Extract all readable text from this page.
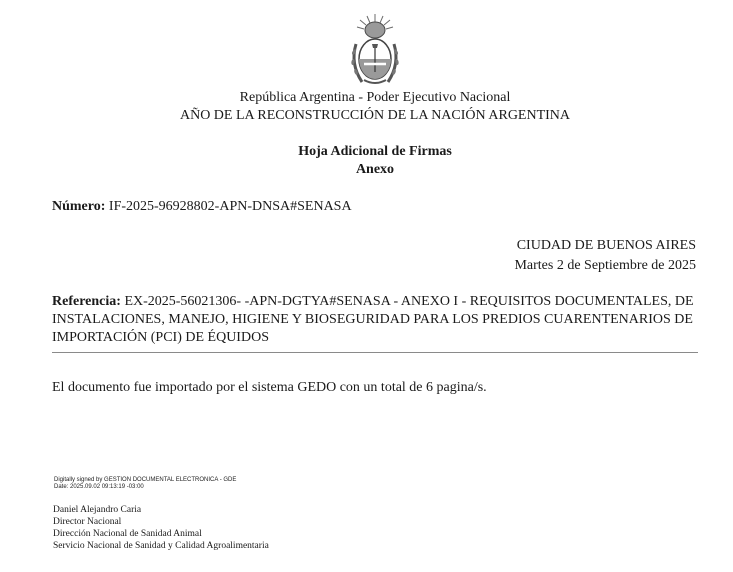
República Argentina - Poder Ejecutivo Nacional
AÑO DE LA RECONSTRUCCIÓN DE LA NACIÓN ARGENTINA
Hoja Adicional de Firmas
Anexo
Número: IF-2025-96928802-APN-DNSA#SENASA
CIUDAD DE BUENOS AIRES
Martes 2 de Septiembre de 2025
Referencia: EX-2025-56021306- -APN-DGTYA#SENASA - ANEXO I - REQUISITOS DOCUMENTALES, DE INSTALACIONES, MANEJO, HIGIENE Y BIOSEGURIDAD PARA LOS PREDIOS CUARENTENARIOS DE IMPORTACIÓN (PCI) DE ÉQUIDOS
El documento fue importado por el sistema GEDO con un total de 6 pagina/s.
Digitally signed by GESTION DOCUMENTAL ELECTRONICA - GDE
Date: 2025.09.02 09:13:19 -03:00
Daniel Alejandro Caria
Director Nacional
Dirección Nacional de Sanidad Animal
Servicio Nacional de Sanidad y Calidad Agroalimentaria
